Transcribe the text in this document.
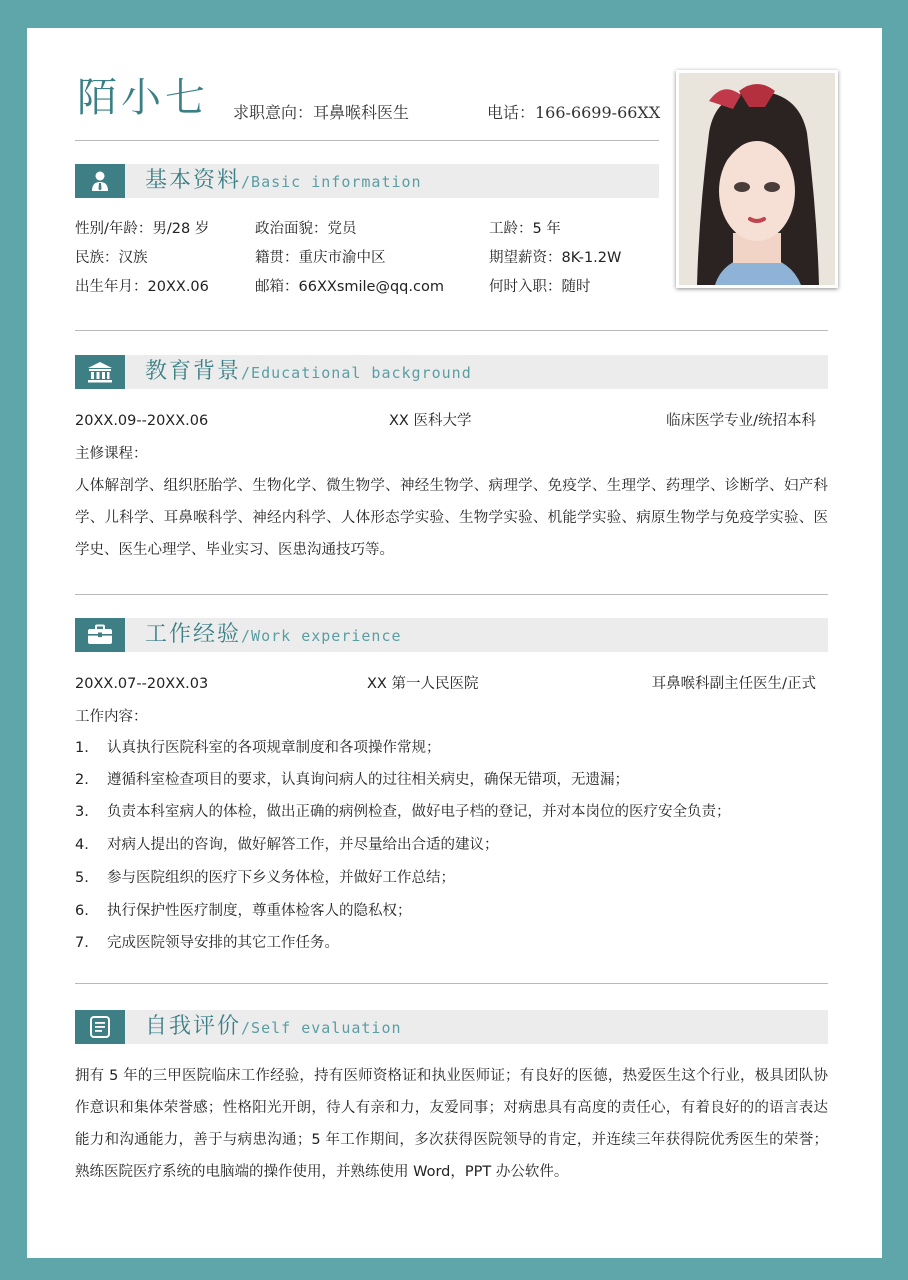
陌小七 求职意向：耳鼻喉科医生	电话：166-6699-66XX
基本资料/Basic information
性别/年龄：男/28 岁	政治面貌：党员	工龄：5 年
民族：汉族	籍贯：重庆市渝中区	期望薪资：8K-1.2W
出生年月：20XX.06	邮箱：66XXsmile@qq.com	何时入职：随时
教育背景/Educational background
20XX.09--20XX.06	XX 医科大学	临床医学专业/统招本科
主修课程：
人体解剖学、组织胚胎学、生物化学、微生物学、神经生物学、病理学、免疫学、生理学、药理学、诊断学、妇产科学、儿科学、耳鼻喉科学、神经内科学、人体形态学实验、生物学实验、机能学实验、病原生物学与免疫学实验、医学史、医生心理学、毕业实习、医患沟通技巧等。
工作经验/Work experience
20XX.07--20XX.03	XX 第一人民医院	耳鼻喉科副主任医生/正式
工作内容：
1. 认真执行医院科室的各项规章制度和各项操作常规；
2. 遵循科室检查项目的要求，认真询问病人的过往相关病史，确保无错项，无遗漏；
3. 负责本科室病人的体检，做出正确的病例检查，做好电子档的登记，并对本岗位的医疗安全负责；
4. 对病人提出的咨询，做好解答工作，并尽量给出合适的建议；
5. 参与医院组织的医疗下乡义务体检，并做好工作总结；
6. 执行保护性医疗制度，尊重体检客人的隐私权；
7. 完成医院领导安排的其它工作任务。
自我评价/Self evaluation
拥有 5 年的三甲医院临床工作经验，持有医师资格证和执业医师证；有良好的医德，热爱医生这个行业，极具团队协作意识和集体荣誉感；性格阳光开朗，待人有亲和力，友爱同事；对病患具有高度的责任心，有着良好的的语言表达能力和沟通能力，善于与病患沟通；5 年工作期间，多次获得医院领导的肯定，并连续三年获得院优秀医生的荣誉；熟练医院医疗系统的电脑端的操作使用，并熟练使用 Word，PPT 办公软件。
